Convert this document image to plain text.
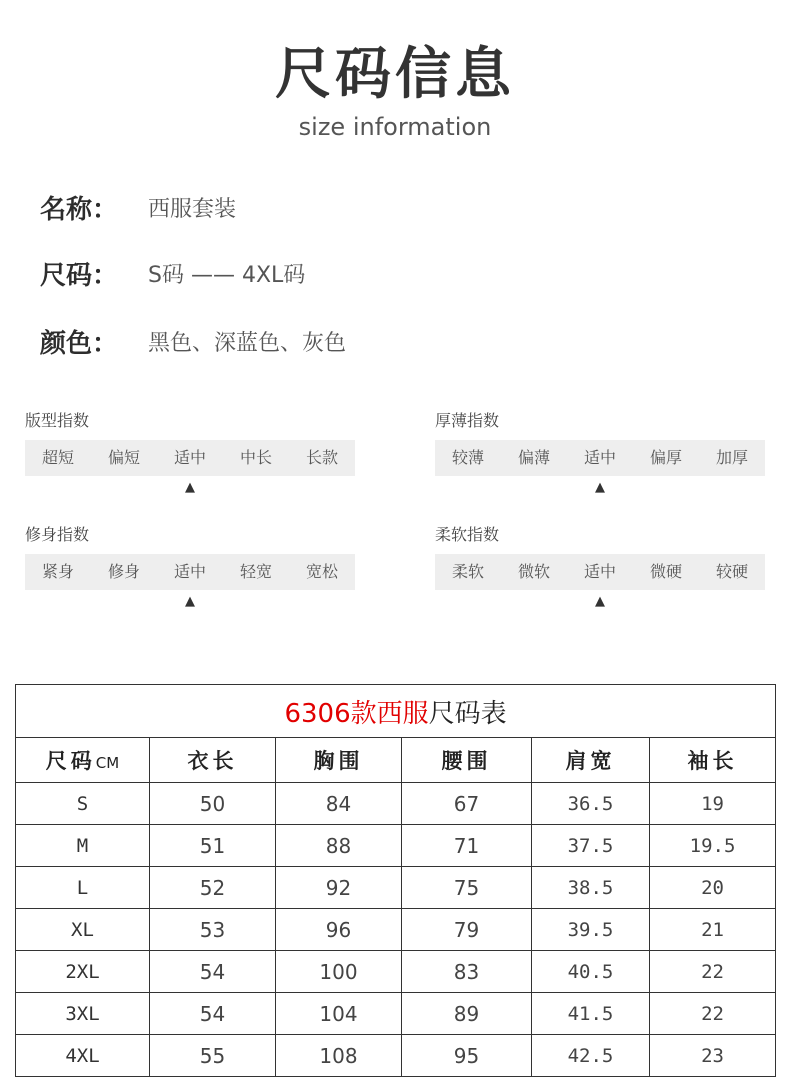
尺码信息
size information
名称： 西服套装
尺码： S码 —— 4XL码
颜色： 黑色、深蓝色、灰色
版型指数
超短	偏短	适中	中长	长款
▲
厚薄指数
较薄	偏薄	适中	偏厚	加厚
▲
修身指数
紧身	修身	适中	轻宽	宽松
▲
柔软指数
柔软	微软	适中	微硬	较硬
▲
6306款西服尺码表					
尺码CM	衣长	胸围	腰围	肩宽	袖长
S	50	84	67	36.5	19
M	51	88	71	37.5	19.5
L	52	92	75	38.5	20
XL	53	96	79	39.5	21
2XL	54	100	83	40.5	22
3XL	54	104	89	41.5	22
4XL	55	108	95	42.5	23
